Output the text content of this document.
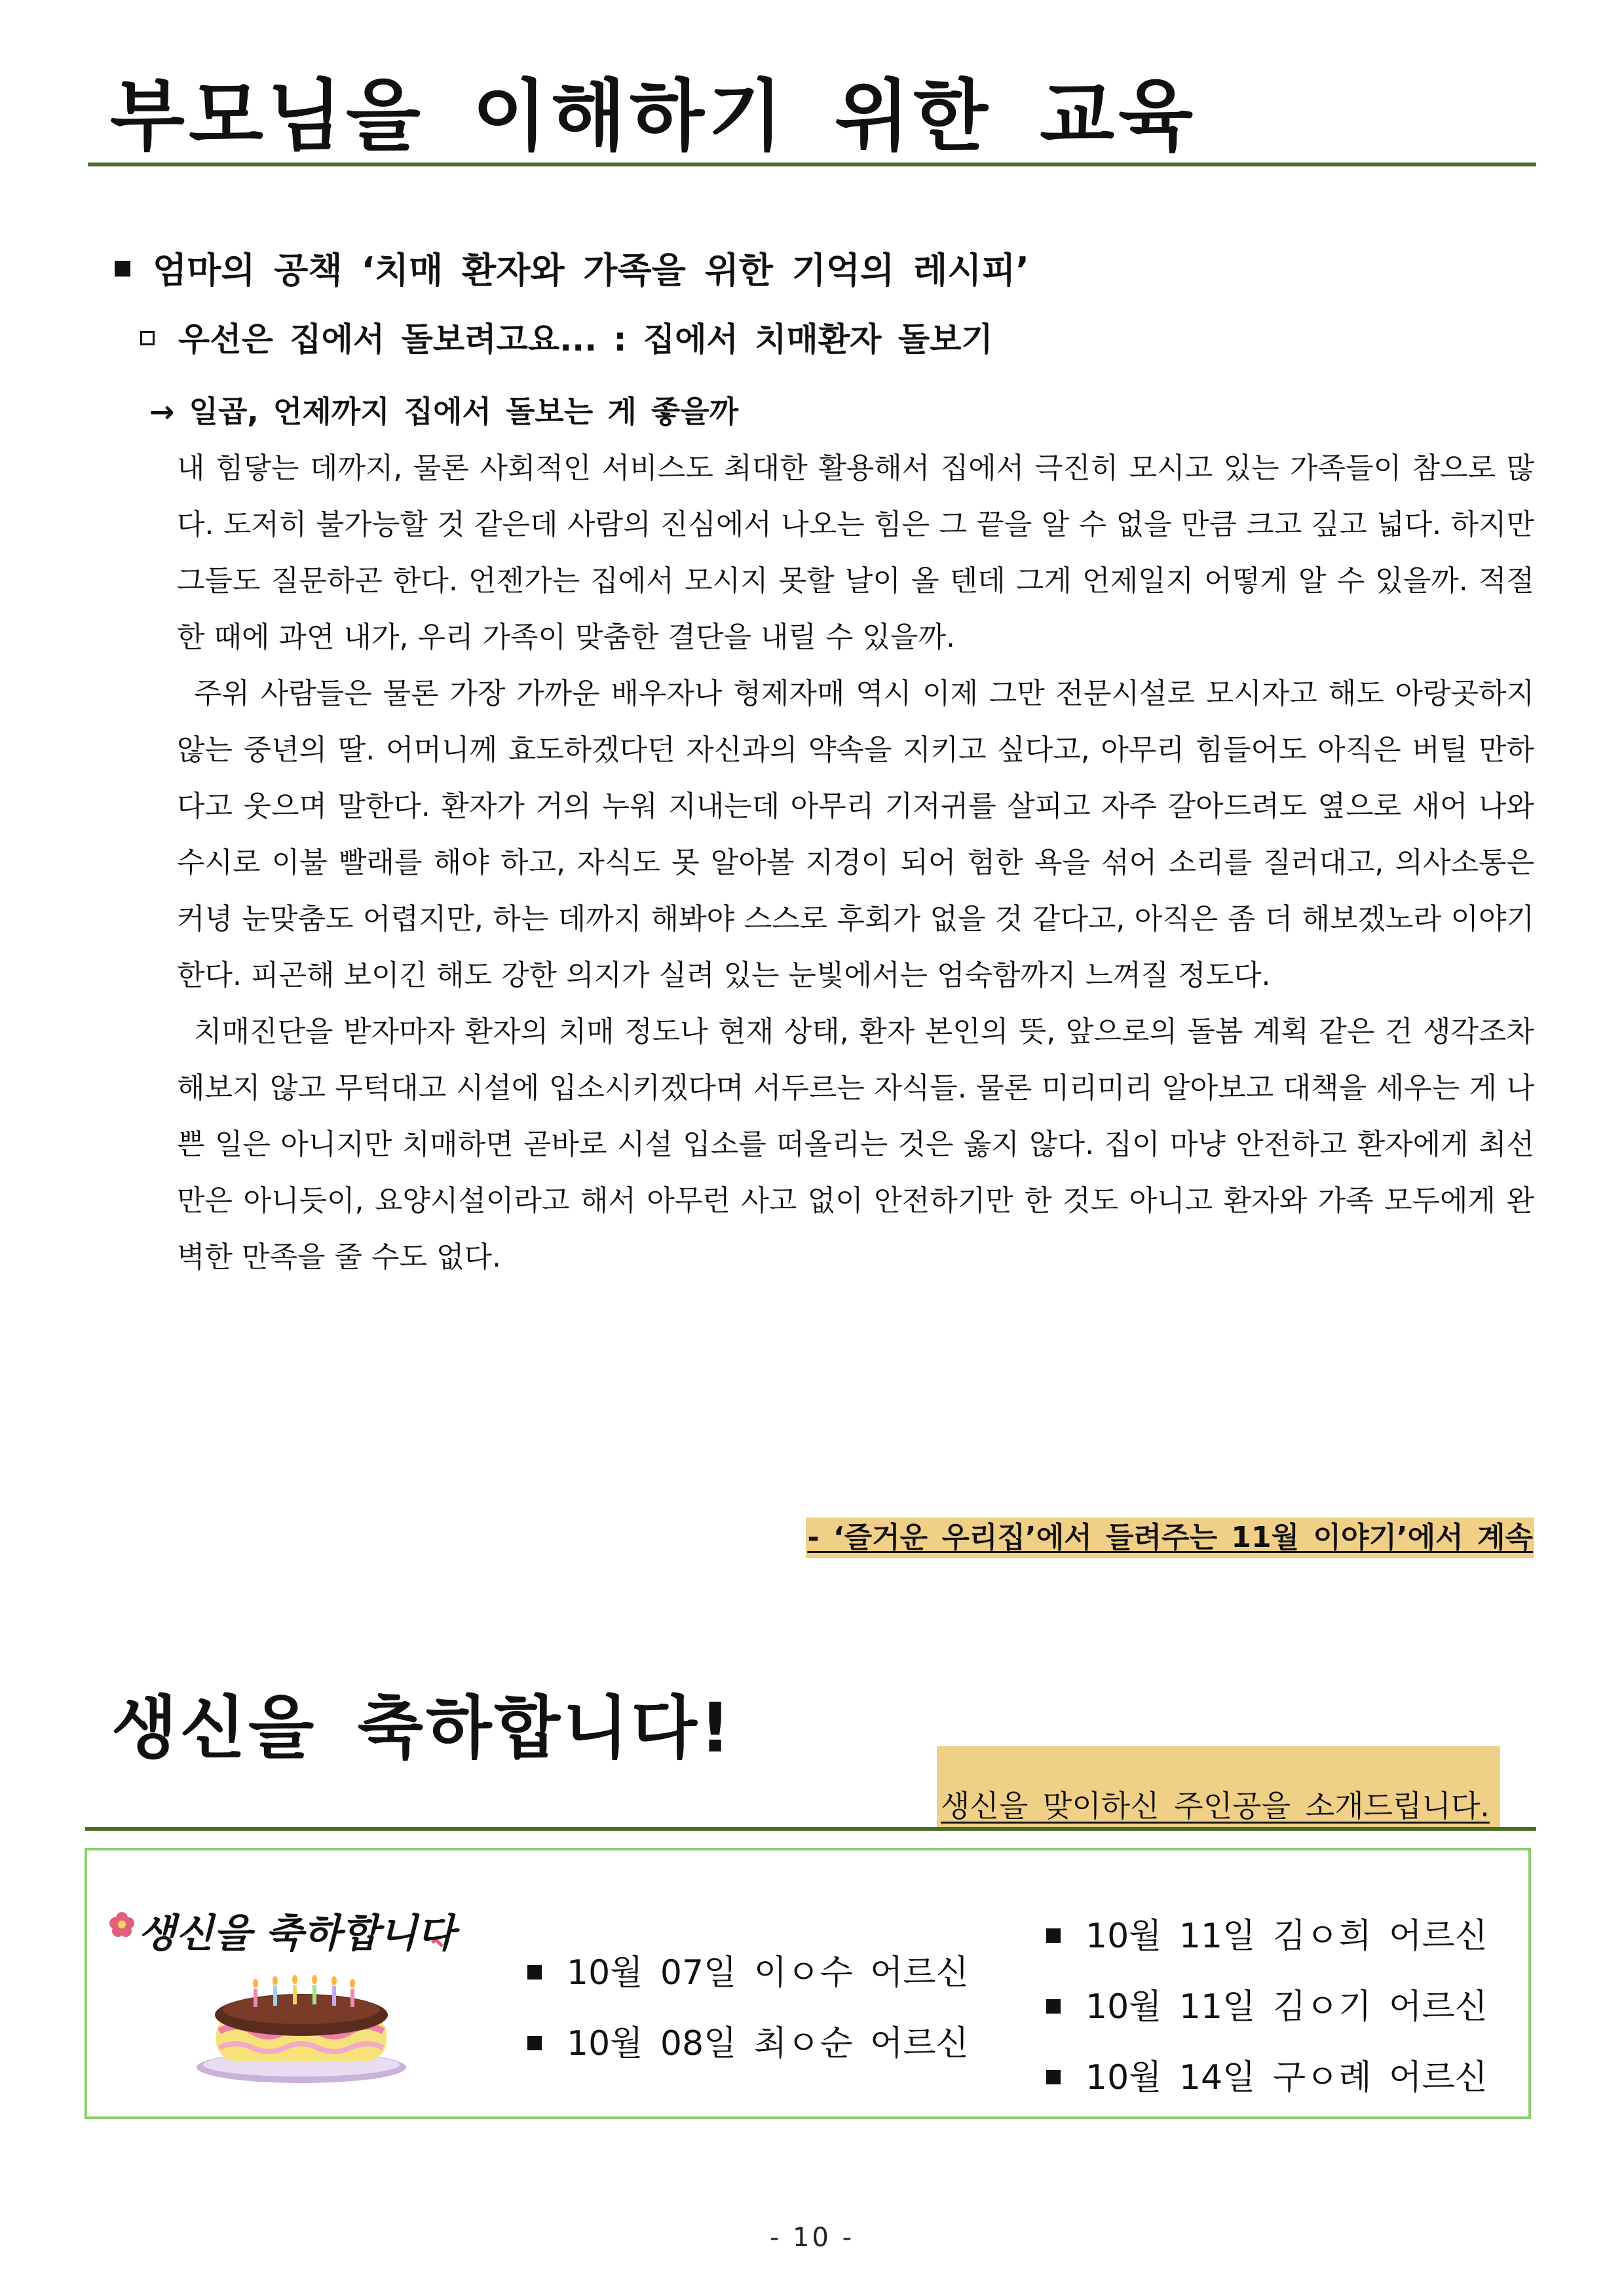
부모님을 이해하기 위한 교육
엄마의 공책 ‘치매 환자와 가족을 위한 기억의 레시피’
우선은 집에서 돌보려고요... : 집에서 치매환자 돌보기
→ 일곱, 언제까지 집에서 돌보는 게 좋을까

내 힘닿는 데까지, 물론 사회적인 서비스도 최대한 활용해서 집에서 극진히 모시고 있는 가족들이 참으로 많다. 도저히 불가능할 것 같은데 사람의 진심에서 나오는 힘은 그 끝을 알 수 없을 만큼 크고 깊고 넓다. 하지만 그들도 질문하곤 한다. 언젠가는 집에서 모시지 못할 날이 올 텐데 그게 언제일지 어떻게 알 수 있을까. 적절한 때에 과연 내가, 우리 가족이 맞춤한 결단을 내릴 수 있을까.

주위 사람들은 물론 가장 가까운 배우자나 형제자매 역시 이제 그만 전문시설로 모시자고 해도 아랑곳하지 않는 중년의 딸. 어머니께 효도하겠다던 자신과의 약속을 지키고 싶다고, 아무리 힘들어도 아직은 버틸 만하다고 웃으며 말한다. 환자가 거의 누워 지내는데 아무리 기저귀를 살피고 자주 갈아드려도 옆으로 새어 나와 수시로 이불 빨래를 해야 하고, 자식도 못 알아볼 지경이 되어 험한 욕을 섞어 소리를 질러대고, 의사소통은 커녕 눈맞춤도 어렵지만, 하는 데까지 해봐야 스스로 후회가 없을 것 같다고, 아직은 좀 더 해보겠노라 이야기한다. 피곤해 보이긴 해도 강한 의지가 실려 있는 눈빛에서는 엄숙함까지 느껴질 정도다.

치매진단을 받자마자 환자의 치매 정도나 현재 상태, 환자 본인의 뜻, 앞으로의 돌봄 계획 같은 건 생각조차 해보지 않고 무턱대고 시설에 입소시키겠다며 서두르는 자식들. 물론 미리미리 알아보고 대책을 세우는 게 나쁜 일은 아니지만 치매하면 곧바로 시설 입소를 떠올리는 것은 옳지 않다. 집이 마냥 안전하고 환자에게 최선만은 아니듯이, 요양시설이라고 해서 아무런 사고 없이 안전하기만 한 것도 아니고 환자와 가족 모두에게 완벽한 만족을 줄 수도 없다.

- ‘즐거운 우리집’에서 들려주는 11월 이야기’에서 계속
생신을 축하합니다!
생신을 맞이하신 주인공을 소개드립니다.
생신을 축하합니다
10월 07일 이ㅇ수 어르신
10월 08일 최ㅇ순 어르신
10월 11일 김ㅇ희 어르신
10월 11일 김ㅇ기 어르신
10월 14일 구ㅇ례 어르신
- 10 -
